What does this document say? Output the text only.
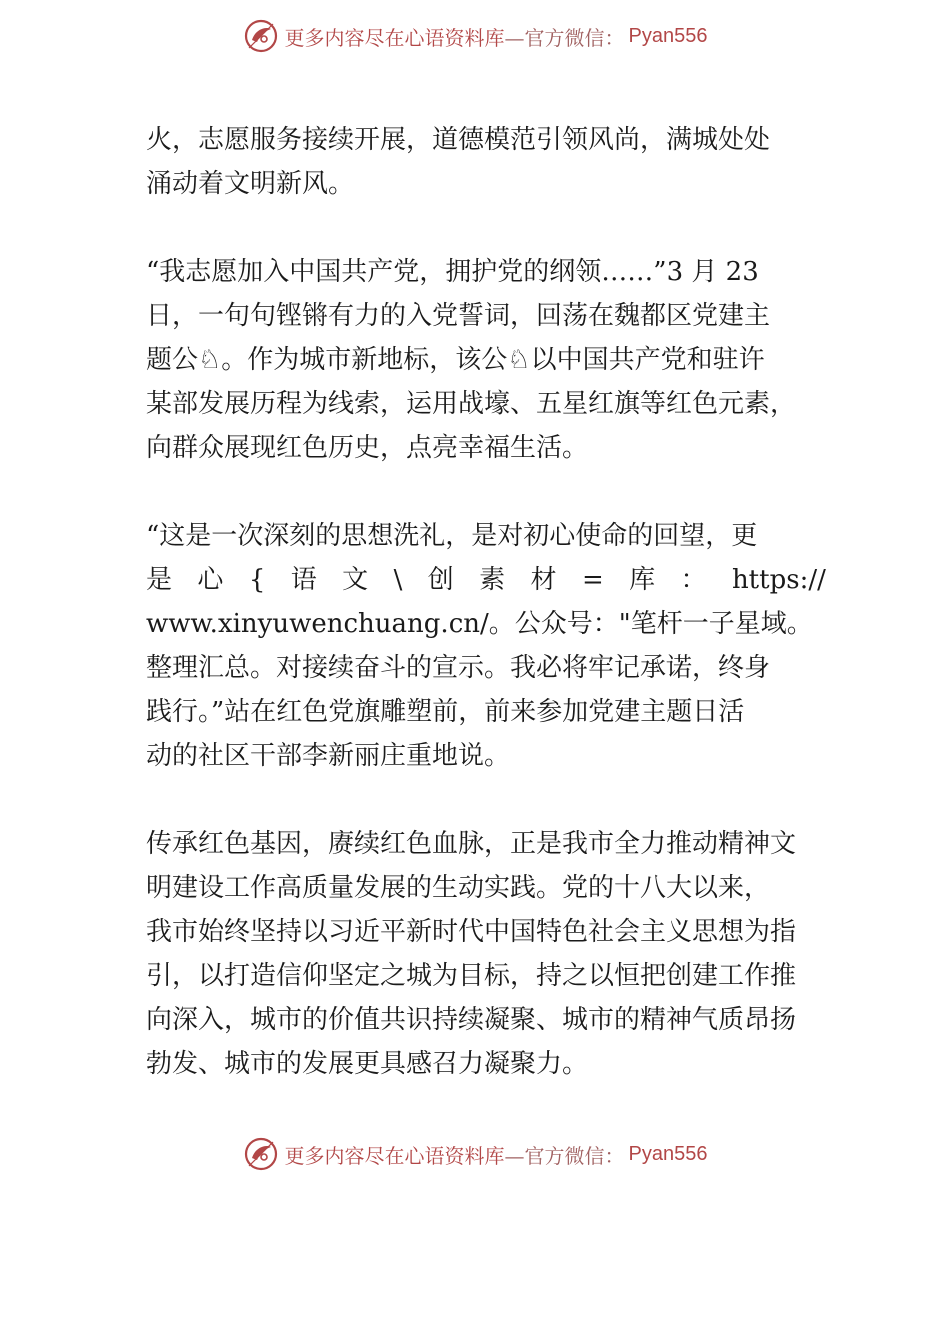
更多内容尽在心语资料库 —官方微信： Pyan556
火，志愿服务接续开展，道德模范引领风尚，满城处处
涌动着文明新风。
“我志愿加入中国共产党，拥护党的纲领……”3 月 23
日，一句句铿锵有力的入党誓词，回荡在魏都区党建主
题公♘。作为城市新地标，该公♘以中国共产党和驻许
某部发展历程为线索，运用战壕、五星红旗等红色元素，
向群众展现红色历史，点亮幸福生活。
“这是一次深刻的思想洗礼，是对初心使命的回望，更
是 心 { 语 文 \ 创 素 材 = 库 ： https://
www.xinyuwenchuang.cn/。公众号："笔杆一子星域。
整理汇总。对接续奋斗的宣示。我必将牢记承诺，终身
践行。”站在红色党旗雕塑前，前来参加党建主题日活
动的社区干部李新丽庄重地说。
传承红色基因，赓续红色血脉，正是我市全力推动精神文
明建设工作高质量发展的生动实践。党的十八大以来，
我市始终坚持以习近平新时代中国特色社会主义思想为指
引，以打造信仰坚定之城为目标，持之以恒把创建工作推
向深入，城市的价值共识持续凝聚、城市的精神气质昂扬
勃发、城市的发展更具感召力凝聚力。
更多内容尽在心语资料库 —官方微信： Pyan556
